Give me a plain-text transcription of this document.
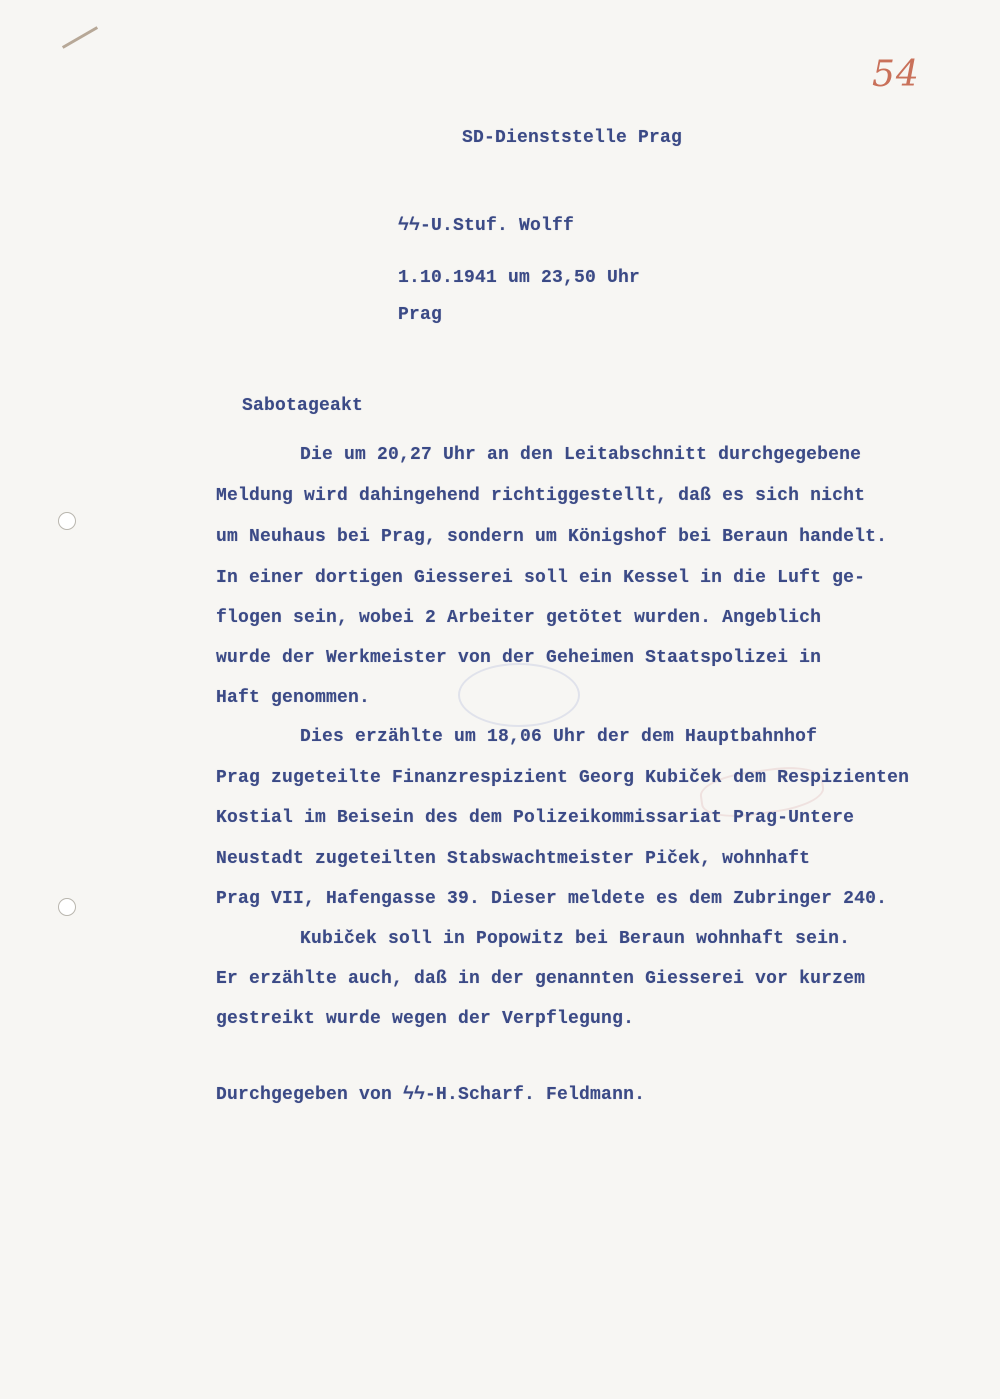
54

SD-Dienststelle Prag
ϟϟ-U.Stuf. Wolff
1.10.1941 um 23,50 Uhr
Prag
Sabotageakt
Die um 20,27 Uhr an den Leitabschnitt durchgegebene
Meldung wird dahingehend richtiggestellt, daß es sich nicht
um Neuhaus bei Prag, sondern um Königshof bei Beraun handelt.
In einer dortigen Giesserei soll ein Kessel in die Luft ge-
flogen sein, wobei 2 Arbeiter getötet wurden. Angeblich
wurde der Werkmeister von der Geheimen Staatspolizei in
Haft genommen.
Dies erzählte um 18,06 Uhr der dem Hauptbahnhof
Prag zugeteilte Finanzrespizient Georg Kubiček dem Respizienten
Kostial im Beisein des dem Polizeikommissariat Prag-Untere
Neustadt zugeteilten Stabswachtmeister Piček, wohnhaft
Prag VII, Hafengasse 39. Dieser meldete es dem Zubringer 240.
Kubiček soll in Popowitz bei Beraun wohnhaft sein.
Er erzählte auch, daß in der genannten Giesserei vor kurzem
gestreikt wurde wegen der Verpflegung.
Durchgegeben von ϟϟ-H.Scharf. Feldmann.
